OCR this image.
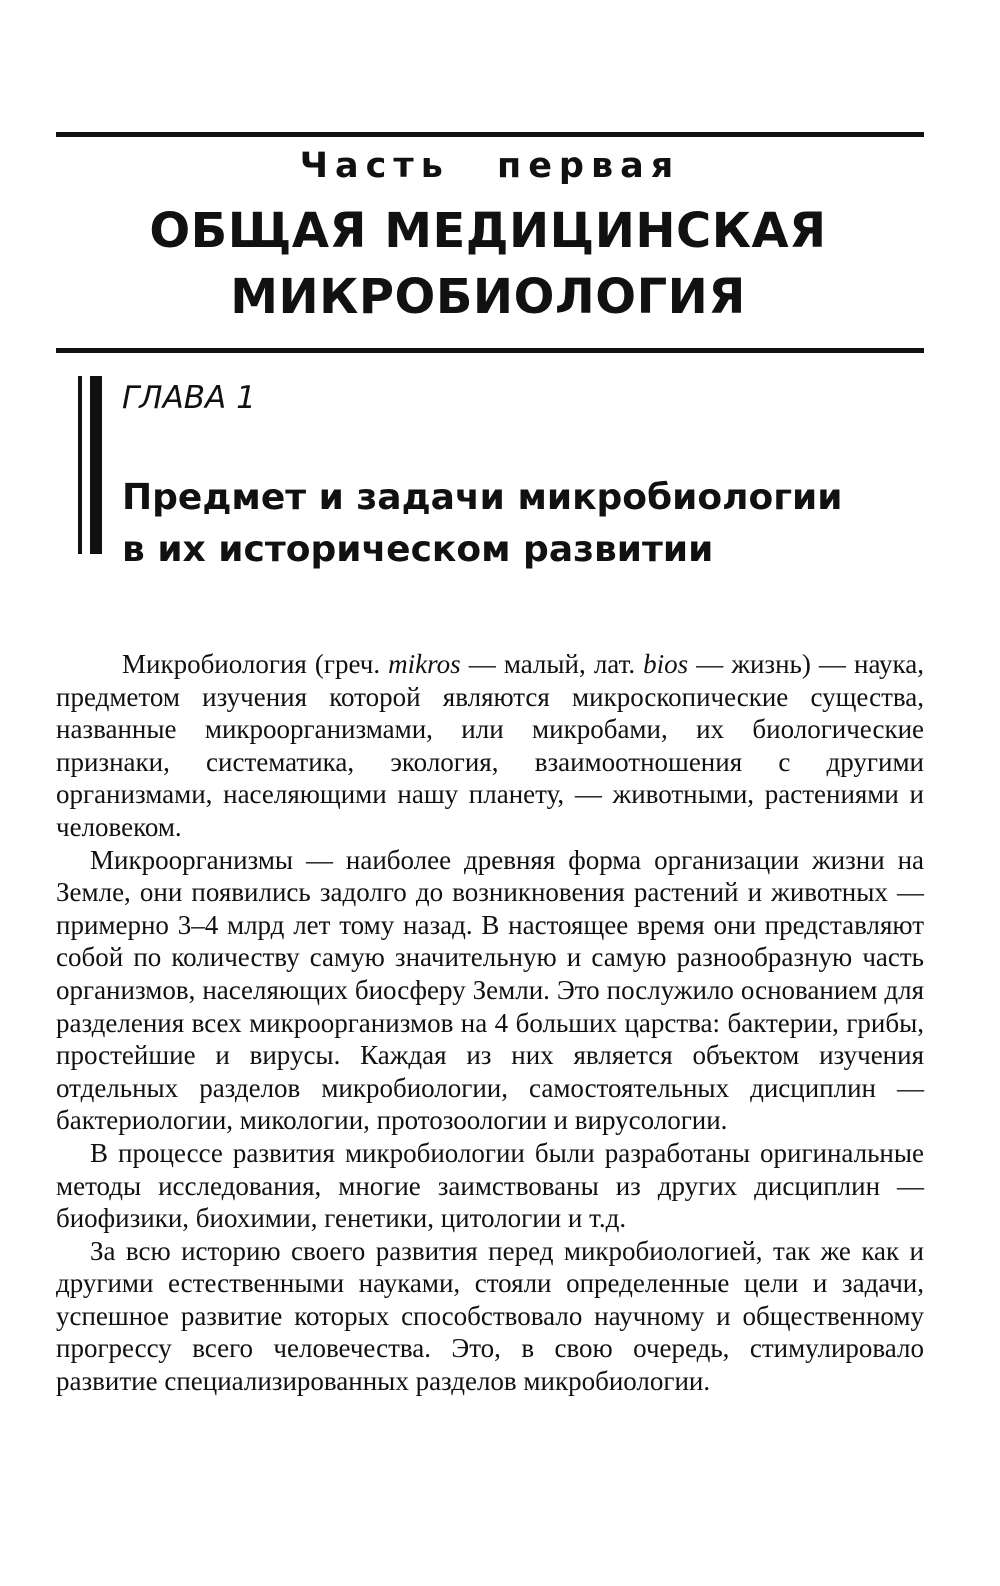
Часть первая
ОБЩАЯ МЕДИЦИНСКАЯ
МИКРОБИОЛОГИЯ
ГЛАВА 1
Предмет и задачи микробиологии
в их историческом развитии

Микробиология (греч. mikros — малый, лат. bios — жизнь) — наука, предметом изучения которой являются микроскопические существа, названные микроорганизмами, или микробами, их биологические признаки, систематика, экология, взаимоотношения с другими организмами, населяющими нашу планету, — животными, растениями и человеком.

Микроорганизмы — наиболее древняя форма организации жизни на Земле, они появились задолго до возникновения растений и животных — примерно 3–4 млрд лет тому назад. В настоящее время они представляют собой по количеству самую значительную и самую разнообразную часть организмов, населяющих биосферу Земли. Это послужило основанием для разделения всех микроорганизмов на 4 больших царства: бактерии, грибы, простейшие и вирусы. Каждая из них является объектом изучения отдельных разделов микробиологии, самостоятельных дисциплин — бактериологии, микологии, протозоологии и вирусологии.

В процессе развития микробиологии были разработаны оригинальные методы исследования, многие заимствованы из других дисциплин — биофизики, биохимии, генетики, цитологии и т.д.

За всю историю своего развития перед микробиологией, так же как и другими естественными науками, стояли определенные цели и задачи, успешное развитие которых способствовало научному и общественному прогрессу всего человечества. Это, в свою очередь, стимулировало развитие специализированных разделов микробиологии.
